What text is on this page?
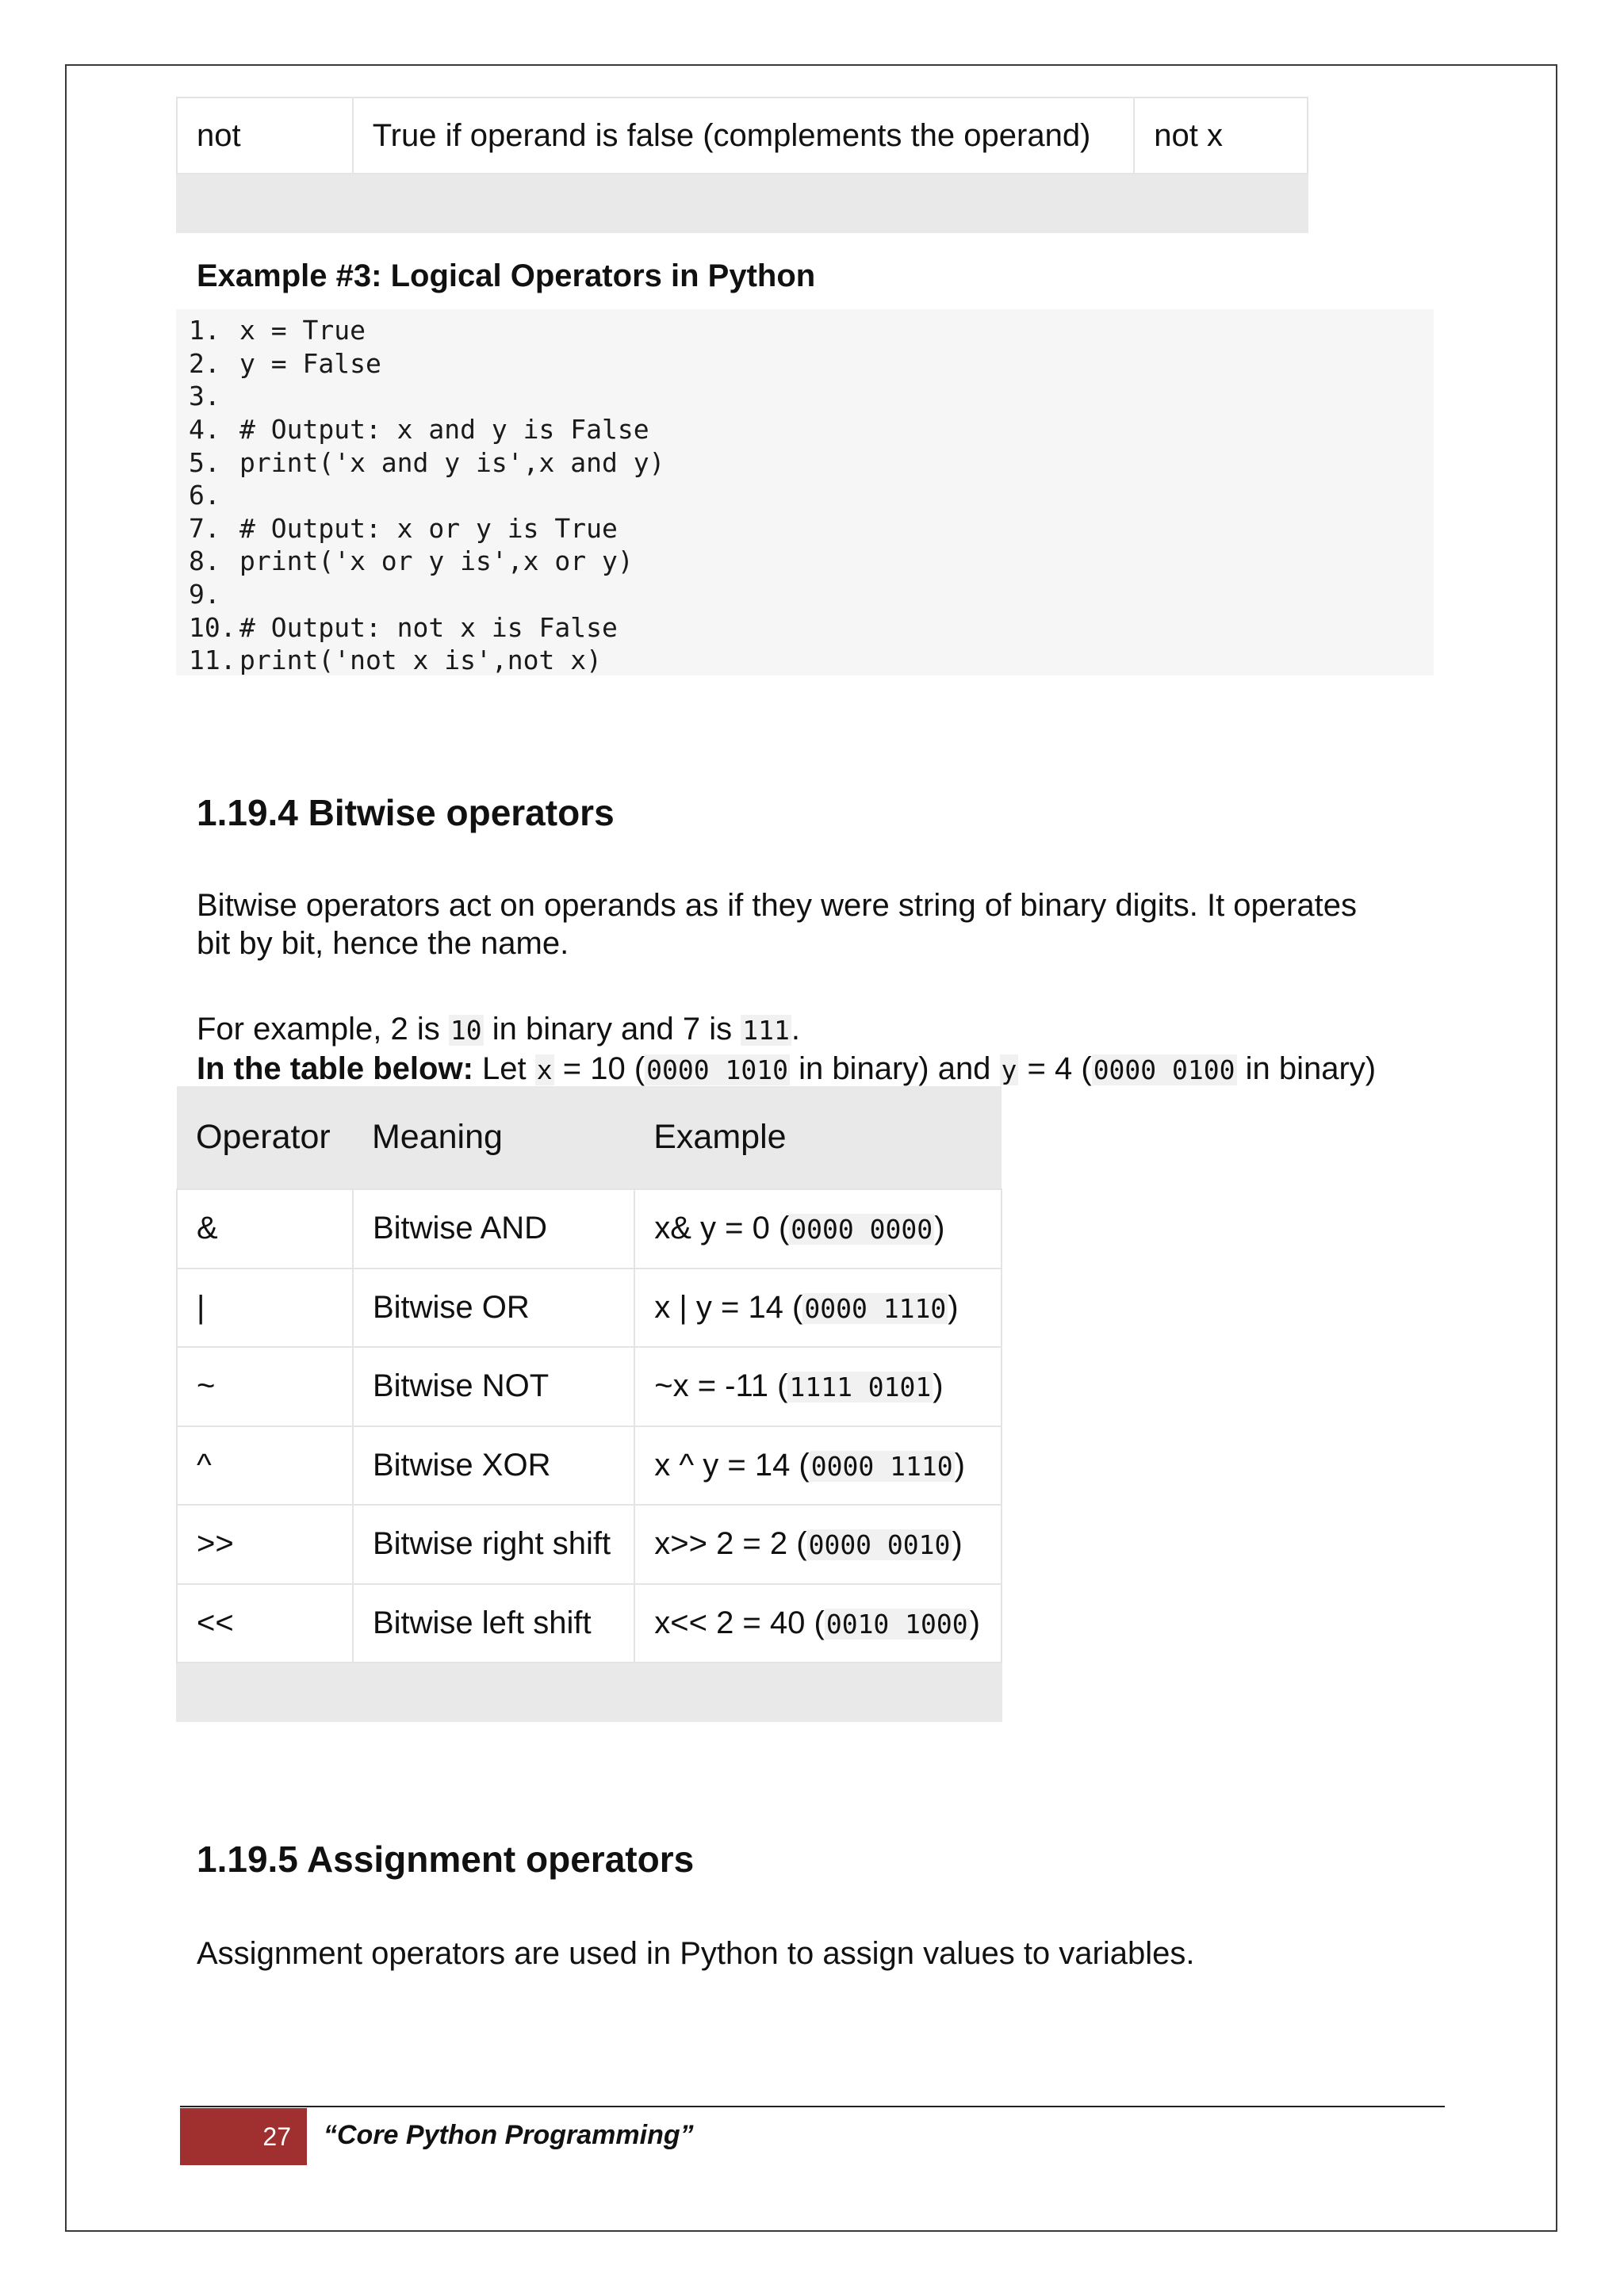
not	True if operand is false (complements the operand)	not x

Example #3: Logical Operators in Python
1. x = True
2. y = False
3.
4. # Output: x and y is False
5. print('x and y is',x and y)
6.
7. # Output: x or y is True
8. print('x or y is',x or y)
9.
10. # Output: not x is False
11. print('not x is',not x)
1.19.4 Bitwise operators
Bitwise operators act on operands as if they were string of binary digits. It operates
bit by bit, hence the name.
For example, 2 is 10 in binary and 7 is 111.
In the table below: Let x = 10 (0000 1010 in binary) and y = 4 (0000 0100 in binary)
Operator	Meaning	Example
&	Bitwise AND	x& y = 0 (0000 0000)
|	Bitwise OR	x | y = 14 (0000 1110)
~	Bitwise NOT	~x = -11 (1111 0101)
^	Bitwise XOR	x ^ y = 14 (0000 1110)
>>	Bitwise right shift	x>> 2 = 2 (0000 0010)
<<	Bitwise left shift	x<< 2 = 40 (0010 1000)

1.19.5 Assignment operators
Assignment operators are used in Python to assign values to variables.
27	“Core Python Programming”
